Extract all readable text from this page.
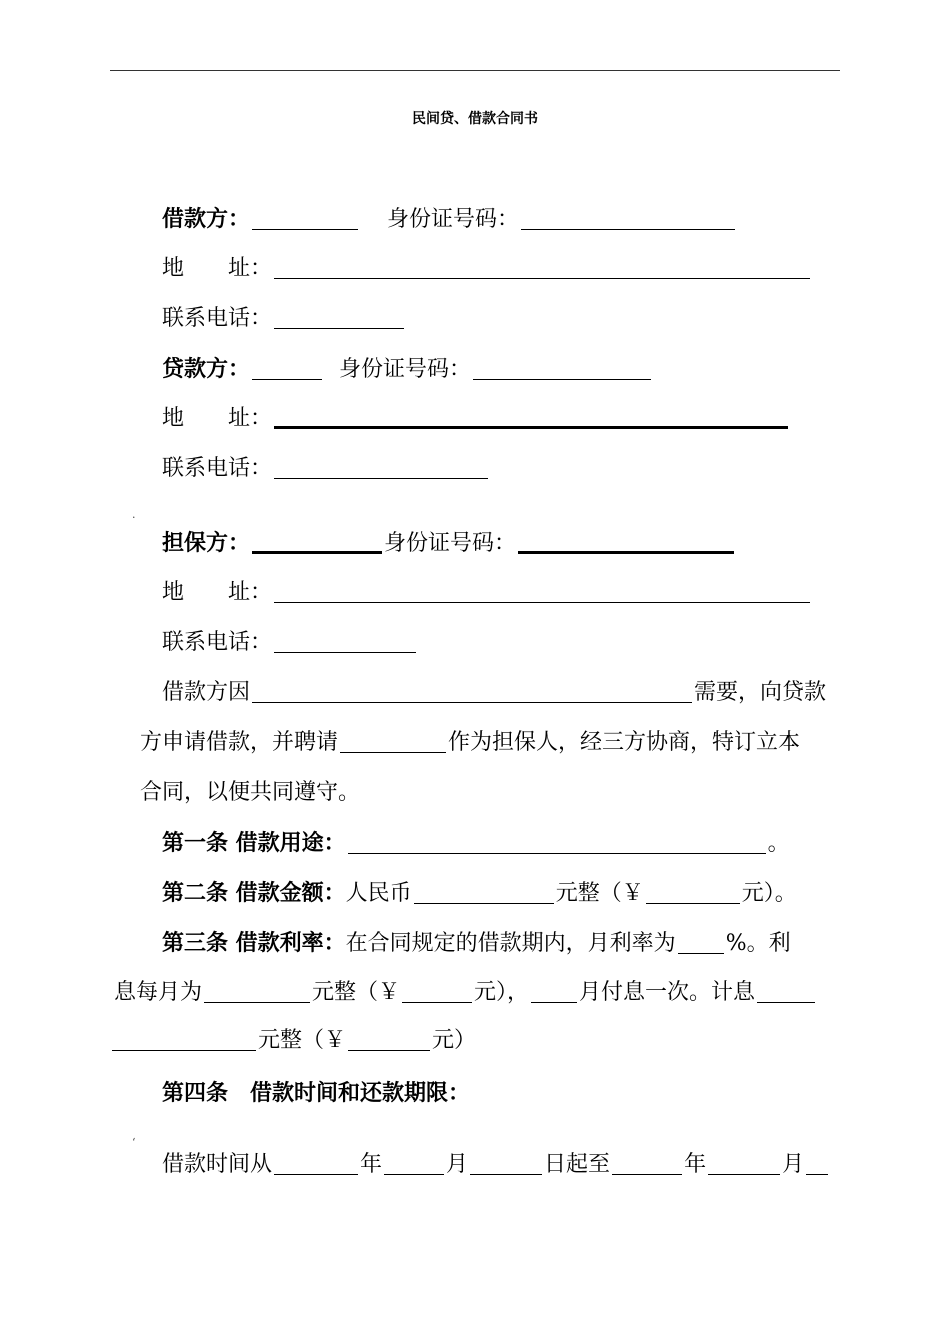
民间贷、借款合同书
借款方：	身份证号码：
地　　址：
联系电话：
贷款方：	身份证号码：
地　　址：
联系电话：
.
担保方：	身份证号码：
地　　址：
联系电话：
借款方因	需要，向贷款
方申请借款，并聘请	作为担保人，经三方协商，特订立本
合同，以便共同遵守。
第一条 借款用途：	。
第二条 借款金额：人民币	元整（￥	元）。
第三条 借款利率：在合同规定的借款期内，月利率为 %。利
息每月为	元整（￥	元）， 月付息一次。计息
元整（￥	元）
第四条　借款时间和还款期限：
‘
借款时间从	年	月	日起至	年	月
